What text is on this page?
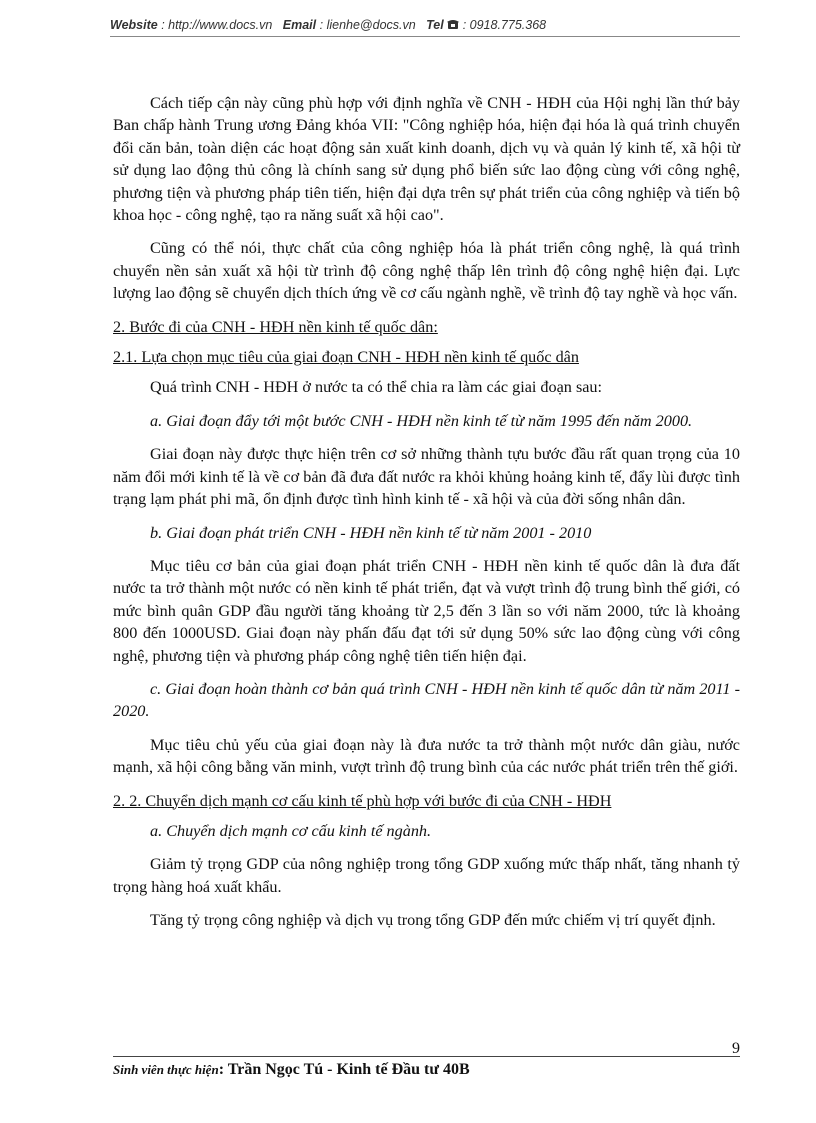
Website : http://www.docs.vn Email : lienhe@docs.vn Tel : 0918.775.368

Cách tiếp cận này cũng phù hợp với định nghĩa về CNH - HĐH của Hội nghị lần thứ bảy Ban chấp hành Trung ương Đảng khóa VII: "Công nghiệp hóa, hiện đại hóa là quá trình chuyển đổi căn bản, toàn diện các hoạt động sản xuất kinh doanh, dịch vụ và quản lý kinh tế, xã hội từ sử dụng lao động thủ công là chính sang sử dụng phổ biến sức lao động cùng với công nghệ, phương tiện và phương pháp tiên tiến, hiện đại dựa trên sự phát triển của công nghiệp và tiến bộ khoa học - công nghệ, tạo ra năng suất xã hội cao".

Cũng có thể nói, thực chất của công nghiệp hóa là phát triển công nghệ, là quá trình chuyển nền sản xuất xã hội từ trình độ công nghệ thấp lên trình độ công nghệ hiện đại. Lực lượng lao động sẽ chuyển dịch thích ứng về cơ cấu ngành nghề, về trình độ tay nghề và học vấn.

2. Bước đi của CNH - HĐH nền kinh tế quốc dân:

2.1. Lựa chọn mục tiêu của giai đoạn CNH - HĐH nền kinh tế quốc dân

Quá trình CNH - HĐH ở nước ta có thể chia ra làm các giai đoạn sau:

a. Giai đoạn đẩy tới một bước CNH - HĐH nền kinh tế từ năm 1995 đến năm 2000.

Giai đoạn này được thực hiện trên cơ sở những thành tựu bước đầu rất quan trọng của 10 năm đổi mới kinh tế là về cơ bản đã đưa đất nước ra khỏi khủng hoảng kinh tế, đẩy lùi được tình trạng lạm phát phi mã, ổn định được tình hình kinh tế - xã hội và của đời sống nhân dân.

b. Giai đoạn phát triển CNH - HĐH nền kinh tế từ năm 2001 - 2010

Mục tiêu cơ bản của giai đoạn phát triển CNH - HĐH nền kinh tế quốc dân là đưa đất nước ta trở thành một nước có nền kinh tế phát triển, đạt và vượt trình độ trung bình thế giới, có mức bình quân GDP đầu người tăng khoảng từ 2,5 đến 3 lần so với năm 2000, tức là khoảng 800 đến 1000USD. Giai đoạn này phấn đấu đạt tới sử dụng 50% sức lao động cùng với công nghệ, phương tiện và phương pháp công nghệ tiên tiến hiện đại.

c. Giai đoạn hoàn thành cơ bản quá trình CNH - HĐH nền kinh tế quốc dân từ năm 2011 - 2020.

Mục tiêu chủ yếu của giai đoạn này là đưa nước ta trở thành một nước dân giàu, nước mạnh, xã hội công bằng văn minh, vượt trình độ trung bình của các nước phát triển trên thế giới.

2. 2. Chuyển dịch mạnh cơ cấu kinh tế phù hợp với bước đi của CNH - HĐH

a. Chuyển dịch mạnh cơ cấu kinh tế ngành.

Giảm tỷ trọng GDP của nông nghiệp trong tổng GDP xuống mức thấp nhất, tăng nhanh tỷ trọng hàng hoá xuất khẩu.

Tăng tỷ trọng công nghiệp và dịch vụ trong tổng GDP đến mức chiếm vị trí quyết định.

9
Sinh viên thực hiện: Trần Ngọc Tú - Kinh tế Đầu tư 40B
